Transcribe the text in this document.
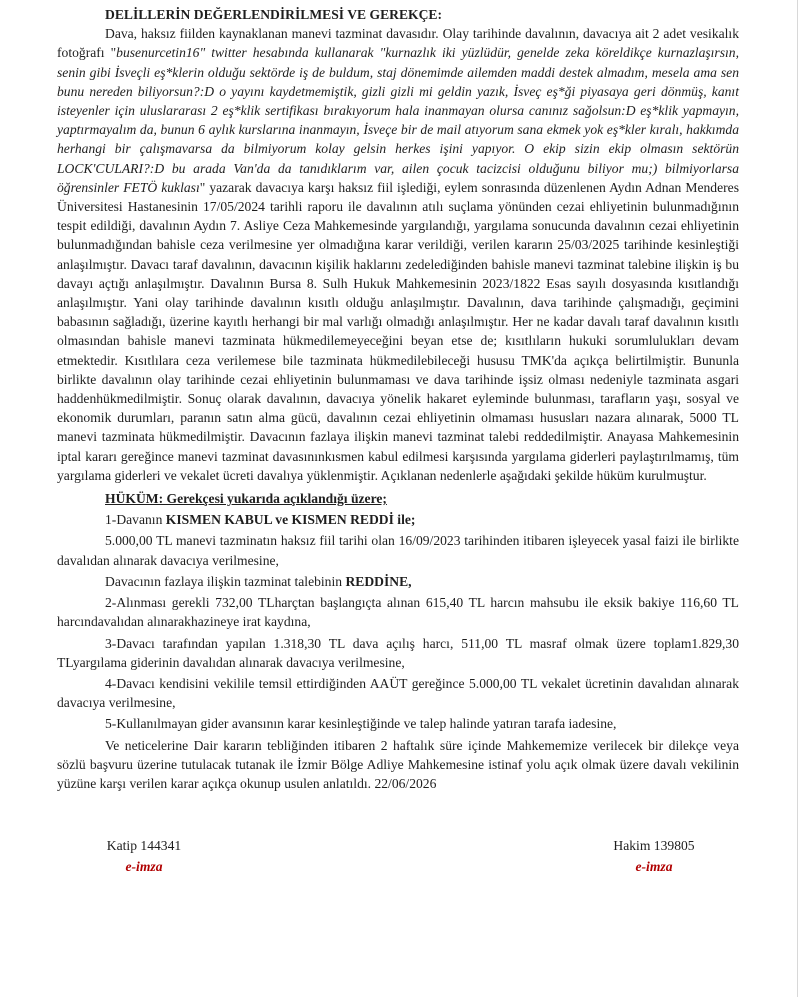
DELİLLERİN DEĞERLENDİRİLMESİ VE GEREKÇE:

Dava, haksız fiilden kaynaklanan manevi tazminat davasıdır. Olay tarihinde davalının, davacıya ait 2 adet vesikalık fotoğrafı "busenurcetin16" twitter hesabında kullanarak "kurnazlık iki yüzlüdür, genelde zeka köreldikçe kurnazlaşırsın, senin gibi İsveçli eş*klerin olduğu sektörde iş de buldum, staj dönemimde ailemden maddi destek almadım, mesela ama sen bunu nereden biliyorsun?:D o yayını kaydetmemiştik, gizli gizli mi geldin yazık, İsveç eş*ği piyasaya geri dönmüş, kanıt isteyenler için uluslararası 2 eş*klik sertifikası bırakıyorum hala inanmayan olursa canınız sağolsun:D eş*klik yapmayın, yaptırmayalım da, bunun 6 aylık kurslarına inanmayın, İsveçe bir de mail atıyorum sana ekmek yok eş*kler kıralı, hakkımda herhangi bir çalışmavarsa da bilmiyorum kolay gelsin herkes işini yapıyor. O ekip sizin ekip olmasın sektörün LOCK'CULARI?:D bu arada Van'da da tanıdıklarım var, ailen çocuk tacizcisi olduğunu biliyor mu;) bilmiyorlarsa öğrensinler FETÖ kuklası" yazarak davacıya karşı haksız fiil işlediği, eylem sonrasında düzenlenen Aydın Adnan Menderes Üniversitesi Hastanesinin 17/05/2024 tarihli raporu ile davalının atılı suçlama yönünden cezai ehliyetinin bulunmadığının tespit edildiği, davalının Aydın 7. Asliye Ceza Mahkemesinde yargılandığı, yargılama sonucunda davalının cezai ehliyetinin bulunmadığından bahisle ceza verilmesine yer olmadığına karar verildiği, verilen kararın 25/03/2025 tarihinde kesinleştiği anlaşılmıştır. Davacı taraf davalının, davacının kişilik haklarını zedelediğinden bahisle manevi tazminat talebine ilişkin iş bu davayı açtığı anlaşılmıştır. Davalının Bursa 8. Sulh Hukuk Mahkemesinin 2023/1822 Esas sayılı dosyasında kısıtlandığı anlaşılmıştır. Yani olay tarihinde davalının kısıtlı olduğu anlaşılmıştır. Davalının, dava tarihinde çalışmadığı, geçimini babasının sağladığı, üzerine kayıtlı herhangi bir mal varlığı olmadığı anlaşılmıştır. Her ne kadar davalı taraf davalının kısıtlı olmasından bahisle manevi tazminata hükmedilemeyeceğini beyan etse de; kısıtlıların hukuki sorumlulukları devam etmektedir. Kısıtlılara ceza verilemese bile tazminata hükmedilebileceği hususu TMK'da açıkça belirtilmiştir. Bununla birlikte davalının olay tarihinde cezai ehliyetinin bulunmaması ve dava tarihinde işsiz olması nedeniyle tazminata asgari haddenhükmedilmiştir. Sonuç olarak davalının, davacıya yönelik hakaret eyleminde bulunması, tarafların yaşı, sosyal ve ekonomik durumları, paranın satın alma gücü, davalının cezai ehliyetinin olmaması hususları nazara alınarak, 5000 TL manevi tazminata hükmedilmiştir. Davacının fazlaya ilişkin manevi tazminat talebi reddedilmiştir. Anayasa Mahkemesinin iptal kararı gereğince manevi tazminat davasınınkısmen kabul edilmesi karşısında yargılama giderleri paylaştırılmamış, tüm yargılama giderleri ve vekalet ücreti davalıya yüklenmiştir. Açıklanan nedenlerle aşağıdaki şekilde hüküm kurulmuştur.

HÜKÜM: Gerekçesi yukarıda açıklandığı üzere;

1-Davanın KISMEN KABUL ve KISMEN REDDİ ile;

5.000,00 TL manevi tazminatın haksız fiil tarihi olan 16/09/2023 tarihinden itibaren işleyecek yasal faizi ile birlikte davalıdan alınarak davacıya verilmesine,

Davacının fazlaya ilişkin tazminat talebinin REDDİNE,

2-Alınması gerekli 732,00 TLharçtan başlangıçta alınan 615,40 TL harcın mahsubu ile eksik bakiye 116,60 TL harcındavalıdan alınarakhazineye irat kaydına,

3-Davacı tarafından yapılan 1.318,30 TL dava açılış harcı, 511,00 TL masraf olmak üzere toplam1.829,30 TLyargılama giderinin davalıdan alınarak davacıya verilmesine,

4-Davacı kendisini vekilile temsil ettirdiğinden AAÜT gereğince 5.000,00 TL vekalet ücretinin davalıdan alınarak davacıya verilmesine,

5-Kullanılmayan gider avansının karar kesinleştiğinde ve talep halinde yatıran tarafa iadesine,

Ve neticelerine Dair kararın tebliğinden itibaren 2 haftalık süre içinde Mahkememize verilecek bir dilekçe veya sözlü başvuru üzerine tutulacak tutanak ile İzmir Bölge Adliye Mahkemesine istinaf yolu açık olmak üzere davalı vekilinin yüzüne karşı verilen karar açıkça okunup usulen anlatıldı. 22/06/2026

Katip 144341
e-imza
Hakim 139805
e-imza
